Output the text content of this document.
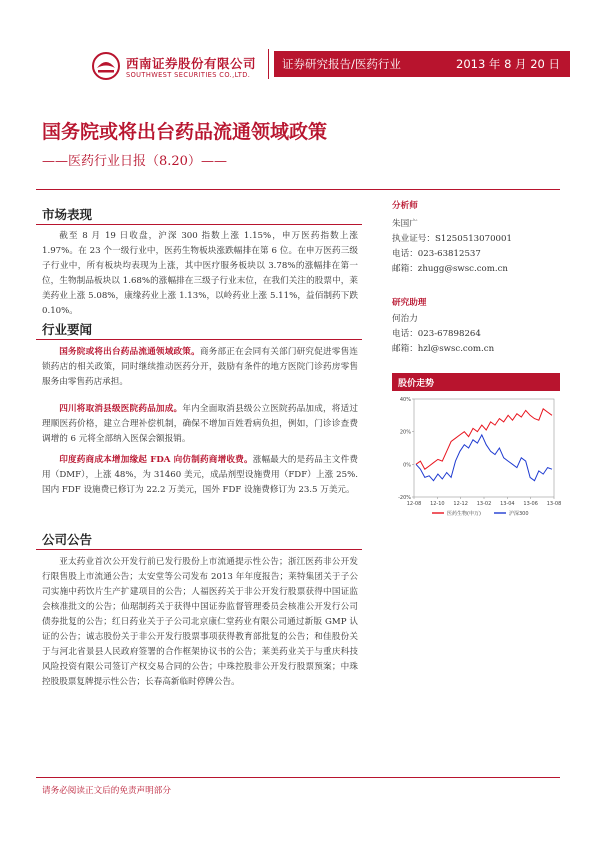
西南证券股份有限公司
SOUTHWEST SECURITIES CO.,LTD.
证券研究报告/医药行业	2013 年 8 月 20 日
国务院或将出台药品流通领域政策
——医药行业日报（8.20）——
市场表现
截至 8 月 19 日收盘，沪深 300 指数上涨 1.15%，申万医药指数上涨 1.97%。在 23 个一级行业中，医药生物板块涨跌幅排在第 6 位。在申万医药三级子行业中，所有板块均表现为上涨，其中医疗服务板块以 3.78%的涨幅排在第一位，生物制品板块以 1.68%的涨幅排在三级子行业末位，在我们关注的股票中，莱美药业上涨 5.08%，康缘药业上涨 1.13%，以岭药业上涨 5.11%，益佰制药下跌 0.10%。
行业要闻
国务院或将出台药品流通领域政策。商务部正在会同有关部门研究促进零售连锁药店的相关政策，同时继续推动医药分开，鼓励有条件的地方医院门诊药房零售服务由零售药店承担。
四川将取消县级医院药品加成。年内全面取消县级公立医院药品加成，将适过理顺医药价格，建立合理补偿机制，确保不增加百姓看病负担，例如，门诊诊查费调增的 6 元将全部纳入医保会额报销。
印度药商成本增加缘起 FDA 向仿制药商增收费。涨幅最大的是药品主文件费用（DMF），上涨 48%，为 31460 美元，成品剂型设施费用（FDF）上涨 25%.国内 FDF 设施费已修订为 22.2 万美元，国外 FDF 设施费修订为 23.5 万美元。
公司公告
亚太药业首次公开发行前已发行股份上市流通提示性公告；浙江医药非公开发行限售股上市流通公告；太安堂等公司发布 2013 年年度报告；莱特集团关于子公司实施中药饮片生产扩建项目的公告；人福医药关于非公开发行股票获得中国证监会核准批文的公告；仙琚制药关于获得中国证券监督管理委员会核准公开发行公司债券批复的公告；红日药业关于子公司北京康仁堂药业有限公司通过新版 GMP 认证的公告；诚志股份关于非公开发行股票事项获得教育部批复的公告；和佳股份关于与河北省景县人民政府签署的合作框架协议书的公告；莱美药业关于与重庆科技风险投资有限公司签订产权交易合同的公告；中珠控股非公开发行股票预案；中珠控股股票复牌提示性公告；长春高新临时停牌公告。
分析师
朱国广
执业证号：S1250513070001
电话：023-63812537
邮箱：zhugg@swsc.com.cn
研究助理
何治力
电话：023-67898264
邮箱：hzl@swsc.com.cn
股价走势
40%
20%
0%
-20%
12-08 12-10 12-12 13-02 13-04 13-06 13-08
医药生物(申万)	沪深300
请务必阅读正文后的免责声明部分
